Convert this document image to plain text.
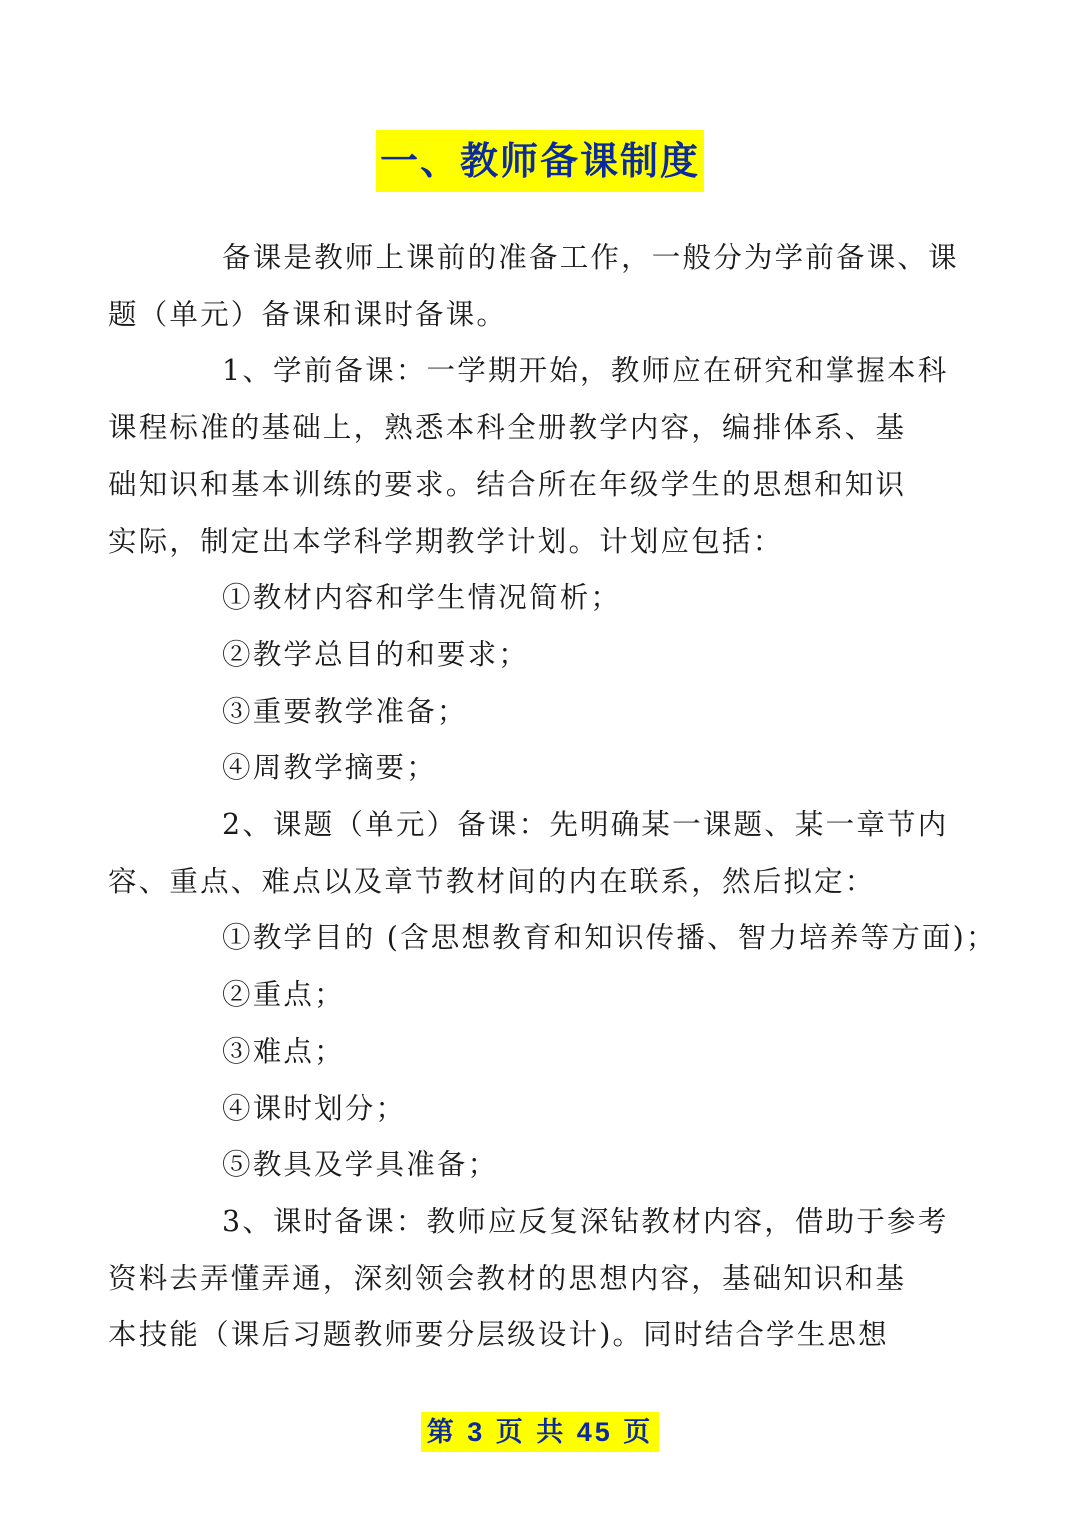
一、教师备课制度

备课是教师上课前的准备工作，一般分为学前备课、课
题（单元）备课和课时备课。

1、学前备课：一学期开始，教师应在研究和掌握本科
课程标准的基础上，熟悉本科全册教学内容，编排体系、基
础知识和基本训练的要求。结合所在年级学生的思想和知识
实际，制定出本学科学期教学计划。计划应包括：

①教材内容和学生情况简析；

②教学总目的和要求；

③重要教学准备；

④周教学摘要；

2、课题（单元）备课：先明确某一课题、某一章节内
容、重点、难点以及章节教材间的内在联系，然后拟定：

①教学目的 (含思想教育和知识传播、智力培养等方面)；

②重点；

③难点；

④课时划分；

⑤教具及学具准备；

3、课时备课：教师应反复深钻教材内容，借助于参考
资料去弄懂弄通，深刻领会教材的思想内容，基础知识和基
本技能（课后习题教师要分层级设计)。同时结合学生思想

第 3 页 共 45 页
